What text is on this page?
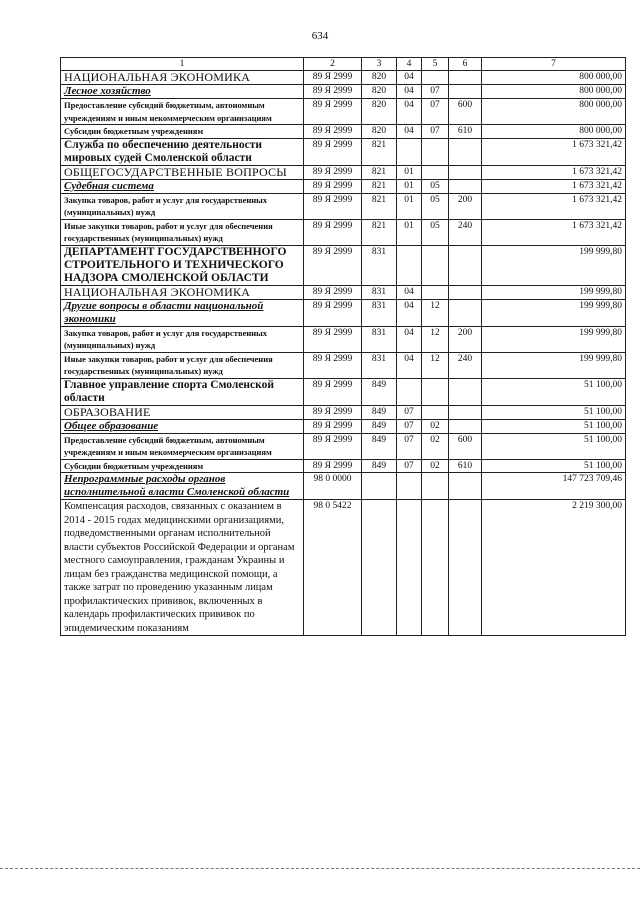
634
1	2	3	4	5	6	7
НАЦИОНАЛЬНАЯ ЭКОНОМИКА	89 Я 2999	820	04			800 000,00
Лесное хозяйство	89 Я 2999	820	04	07		800 000,00
Предоставление субсидий бюджетным, автономным учреждениям и иным некоммерческим организациям	89 Я 2999	820	04	07	600	800 000,00
Субсидии бюджетным учреждениям	89 Я 2999	820	04	07	610	800 000,00
Служба по обеспечению деятельности мировых судей Смоленской области	89 Я 2999	821				1 673 321,42
ОБЩЕГОСУДАРСТВЕННЫЕ ВОПРОСЫ	89 Я 2999	821	01			1 673 321,42
Судебная система	89 Я 2999	821	01	05		1 673 321,42
Закупка товаров, работ и услуг для государственных (муниципальных) нужд	89 Я 2999	821	01	05	200	1 673 321,42
Иные закупки товаров, работ и услуг для обеспечения государственных (муниципальных) нужд	89 Я 2999	821	01	05	240	1 673 321,42
ДЕПАРТАМЕНТ ГОСУДАРСТВЕННОГО СТРОИТЕЛЬНОГО И ТЕХНИЧЕСКОГО НАДЗОРА СМОЛЕНСКОЙ ОБЛАСТИ	89 Я 2999	831				199 999,80
НАЦИОНАЛЬНАЯ ЭКОНОМИКА	89 Я 2999	831	04			199 999,80
Другие вопросы в области национальной экономики	89 Я 2999	831	04	12		199 999,80
Закупка товаров, работ и услуг для государственных (муниципальных) нужд	89 Я 2999	831	04	12	200	199 999,80
Иные закупки товаров, работ и услуг для обеспечения государственных (муниципальных) нужд	89 Я 2999	831	04	12	240	199 999,80
Главное управление спорта Смоленской области	89 Я 2999	849				51 100,00
ОБРАЗОВАНИЕ	89 Я 2999	849	07			51 100,00
Общее образование	89 Я 2999	849	07	02		51 100,00
Предоставление субсидий бюджетным, автономным учреждениям и иным некоммерческим организациям	89 Я 2999	849	07	02	600	51 100,00
Субсидии бюджетным учреждениям	89 Я 2999	849	07	02	610	51 100,00
Непрограммные расходы органов исполнительной власти Смоленской области	98 0 0000					147 723 709,46
Компенсация расходов, связанных с оказанием в 2014 - 2015 годах медицинскими организациями, подведомственными органам исполнительной власти субъектов Российской Федерации и органам местного самоуправления, гражданам Украины и лицам без гражданства медицинской помощи, а также затрат по проведению указанным лицам профилактических прививок, включенных в календарь профилактических прививок по эпидемическим показаниям	98 0 5422					2 219 300,00
